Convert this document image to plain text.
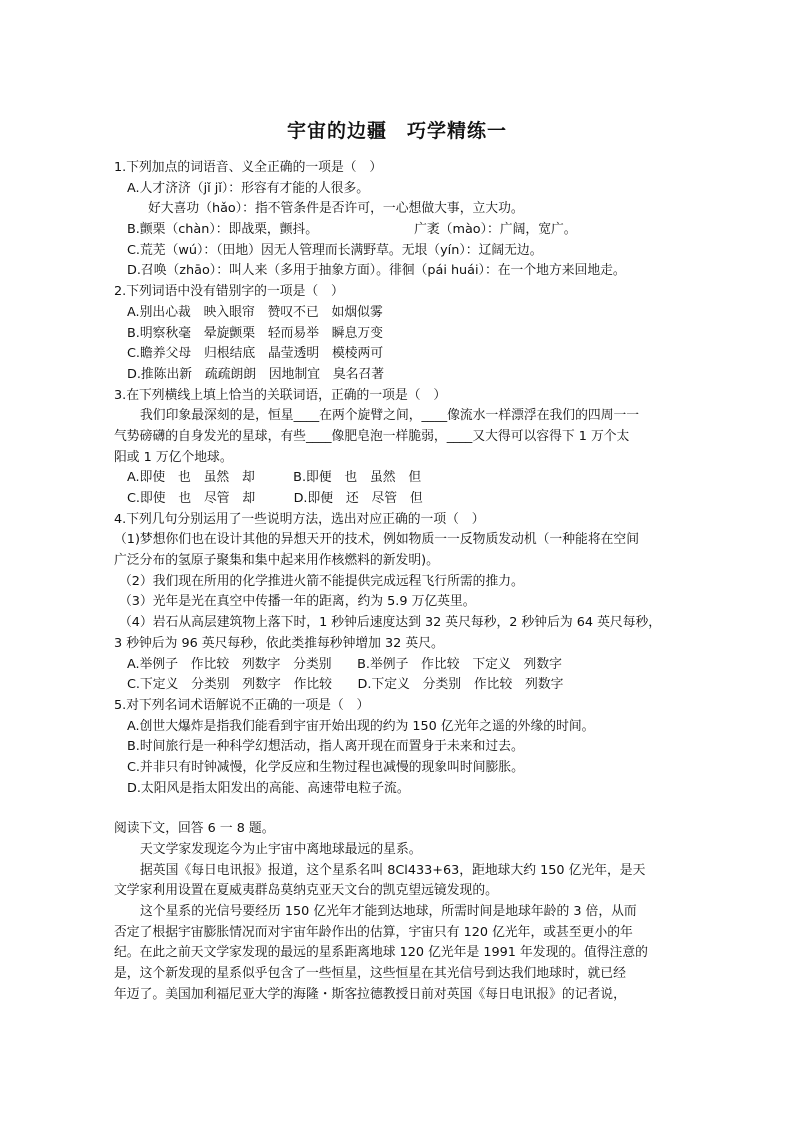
宇宙的边疆　巧学精练一
1.下列加点的词语音、义全正确的一项是（　）
A.人才济济（jǐ jǐ）：形容有才能的人很多。
好大喜功（hǎo）：指不管条件是否许可，一心想做大事，立大功。
B.颤栗（chàn）：即战栗，颤抖。　　　　　　　　广袤（mào）：广阔，宽广。
C.荒芜（wú）：（田地）因无人管理而长满野草。无垠（yín）：辽阔无边。
D.召唤（zhāo）：叫人来（多用于抽象方面）。徘徊（pái huái）：在一个地方来回地走。
2.下列词语中没有错别字的一项是（　）
A.别出心裁　映入眼帘　赞叹不已　如烟似雾
B.明察秋毫　晕旋颤栗　轻而易举　瞬息万变
C.瞻养父母　归根结底　晶莹透明　模棱两可
D.推陈出新　疏疏朗朗　因地制宜　臭名召著
3.在下列横线上填上恰当的关联词语，正确的一项是（　）
我们印象最深刻的是，恒星____在两个旋臂之间，____像流水一样漂浮在我们的四周一一
气势磅礴的自身发光的星球，有些____像肥皂泡一样脆弱，____又大得可以容得下 1 万个太
阳或 1 万亿个地球。
A.即使　也　虽然　却　　　B.即便　也　虽然　但
C.即使　也　尽管　却　　　D.即便　还　尽管　但
4.下列几句分别运用了一些说明方法，选出对应正确的一项（　）
（1)梦想你们也在设计其他的异想天开的技术，例如物质一一反物质发动机（一种能将在空间
广泛分布的氢原子聚集和集中起来用作核燃料的新发明)。
（2）我们现在所用的化学推进火箭不能提供完成远程飞行所需的推力。
（3）光年是光在真空中传播一年的距离，约为 5.9 万亿英里。
（4）岩石从高层建筑物上落下时，1 秒钟后速度达到 32 英尺每秒，2 秒钟后为 64 英尺每秒，
3 秒钟后为 96 英尺每秒，依此类推每秒钟增加 32 英尺。
A.举例子　作比较　列数字　分类别　　B.举例子　作比较　下定义　列数字
C.下定义　分类别　列数字　作比较　　D.下定义　分类别　作比较　列数字
5.对下列名词术语解说不正确的一项是（　）
A.创世大爆炸是指我们能看到宇宙开始出现的约为 150 亿光年之遥的外缘的时间。
B.时间旅行是一种科学幻想活动，指人离开现在而置身于未来和过去。
C.并非只有时钟减慢，化学反应和生物过程也减慢的现象叫时间膨胀。
D.太阳风是指太阳发出的高能、高速带电粒子流。
阅读下文，回答 6 一 8 题。
天文学家发现迄今为止宇宙中离地球最远的星系。
据英国《每日电讯报》报道，这个星系名叫 8Cl433+63，距地球大约 150 亿光年，是天
文学家利用设置在夏威夷群岛莫纳克亚天文台的凯克望远镜发现的。
这个星系的光信号要经历 150 亿光年才能到达地球，所需时间是地球年龄的 3 倍，从而
否定了根据宇宙膨胀情况而对宇宙年龄作出的估算，宇宙只有 120 亿光年，或甚至更小的年
纪。在此之前天文学家发现的最远的星系距离地球 120 亿光年是 1991 年发现的。值得注意的
是，这个新发现的星系似乎包含了一些恒星，这些恒星在其光信号到达我们地球时，就已经
年迈了。美国加利福尼亚大学的海隆・斯客拉德教授日前对英国《每日电讯报》的记者说，
